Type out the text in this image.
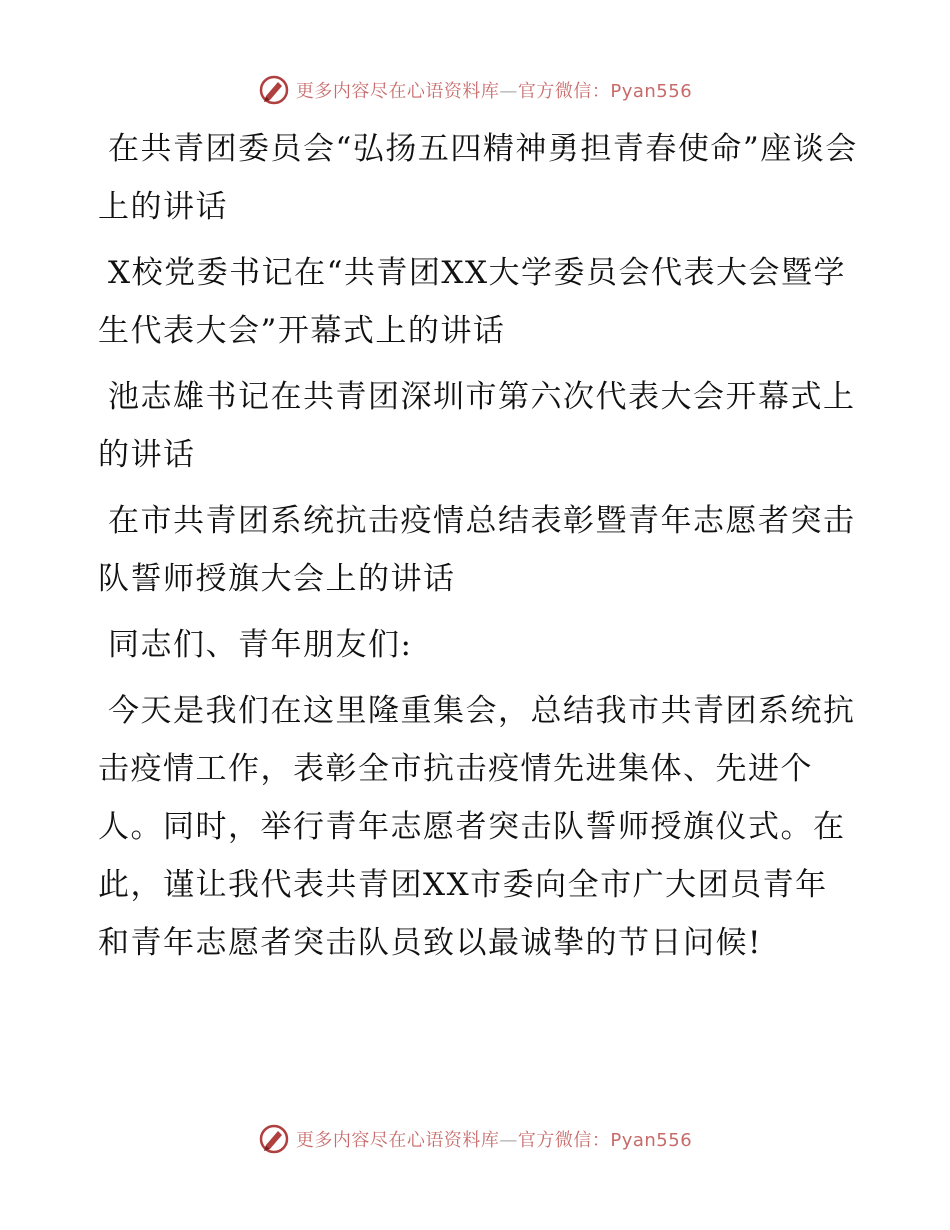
更多内容尽在心语资料库—官方微信：Pyan556

在共青团委员会“弘扬五四精神勇担青春使命”座谈会上的讲话

X校党委书记在“共青团XX大学委员会代表大会暨学生代表大会”开幕式上的讲话

池志雄书记在共青团深圳市第六次代表大会开幕式上的讲话

在市共青团系统抗击疫情总结表彰暨青年志愿者突击队誓师授旗大会上的讲话

同志们、青年朋友们:

今天是我们在这里隆重集会，总结我市共青团系统抗击疫情工作，表彰全市抗击疫情先进集体、先进个人。同时，举行青年志愿者突击队誓师授旗仪式。在此，谨让我代表共青团XX市委向全市广大团员青年和青年志愿者突击队员致以最诚挚的节日问候!

更多内容尽在心语资料库—官方微信：Pyan556
